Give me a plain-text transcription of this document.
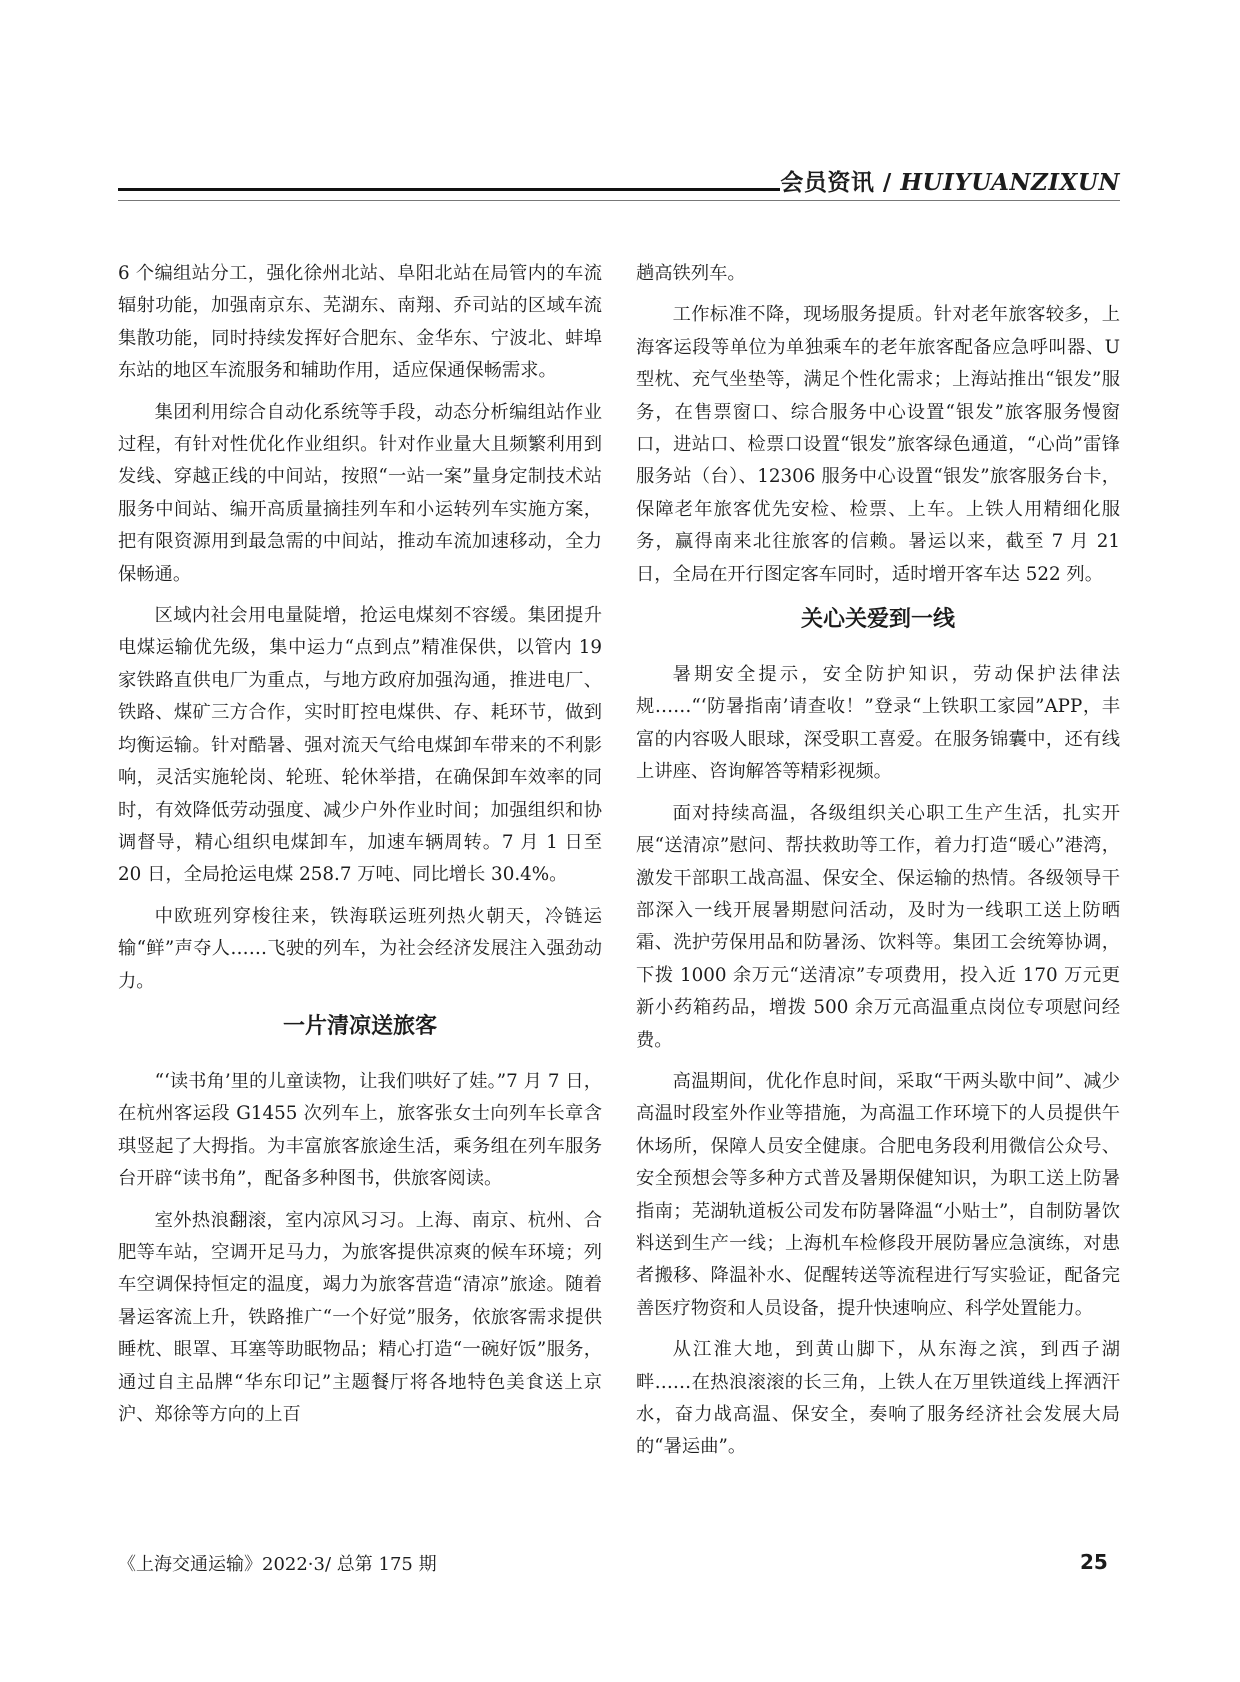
会员资讯 / HUIYUANZIXUN

6 个编组站分工，强化徐州北站、阜阳北站在局管内的车流辐射功能，加强南京东、芜湖东、南翔、乔司站的区域车流集散功能，同时持续发挥好合肥东、金华东、宁波北、蚌埠东站的地区车流服务和辅助作用，适应保通保畅需求。

集团利用综合自动化系统等手段，动态分析编组站作业过程，有针对性优化作业组织。针对作业量大且频繁利用到发线、穿越正线的中间站，按照“一站一案”量身定制技术站服务中间站、编开高质量摘挂列车和小运转列车实施方案，把有限资源用到最急需的中间站，推动车流加速移动，全力保畅通。

区域内社会用电量陡增，抢运电煤刻不容缓。集团提升电煤运输优先级，集中运力“点到点”精准保供，以管内 19 家铁路直供电厂为重点，与地方政府加强沟通，推进电厂、铁路、煤矿三方合作，实时盯控电煤供、存、耗环节，做到均衡运输。针对酷暑、强对流天气给电煤卸车带来的不利影响，灵活实施轮岗、轮班、轮休举措，在确保卸车效率的同时，有效降低劳动强度、减少户外作业时间；加强组织和协调督导，精心组织电煤卸车，加速车辆周转。7 月 1 日至 20 日，全局抢运电煤 258.7 万吨、同比增长 30.4%。

中欧班列穿梭往来，铁海联运班列热火朝天，冷链运输“鲜”声夺人……飞驶的列车，为社会经济发展注入强劲动力。

一片清凉送旅客

“‘读书角’里的儿童读物，让我们哄好了娃。”7 月 7 日，在杭州客运段 G1455 次列车上，旅客张女士向列车长章含琪竖起了大拇指。为丰富旅客旅途生活，乘务组在列车服务台开辟“读书角”，配备多种图书，供旅客阅读。

室外热浪翻滚，室内凉风习习。上海、南京、杭州、合肥等车站，空调开足马力，为旅客提供凉爽的候车环境；列车空调保持恒定的温度，竭力为旅客营造“清凉”旅途。随着暑运客流上升，铁路推广“一个好觉”服务，依旅客需求提供睡枕、眼罩、耳塞等助眠物品；精心打造“一碗好饭”服务，通过自主品牌“华东印记”主题餐厅将各地特色美食送上京沪、郑徐等方向的上百

趟高铁列车。

工作标准不降，现场服务提质。针对老年旅客较多，上海客运段等单位为单独乘车的老年旅客配备应急呼叫器、U 型枕、充气坐垫等，满足个性化需求；上海站推出“银发”服务，在售票窗口、综合服务中心设置“银发”旅客服务慢窗口，进站口、检票口设置“银发”旅客绿色通道，“心尚”雷锋服务站（台）、12306 服务中心设置“银发”旅客服务台卡，保障老年旅客优先安检、检票、上车。上铁人用精细化服务，赢得南来北往旅客的信赖。暑运以来，截至 7 月 21 日，全局在开行图定客车同时，适时增开客车达 522 列。

关心关爱到一线

暑期安全提示，安全防护知识，劳动保护法律法规……“‘防暑指南’请查收！”登录“上铁职工家园”APP，丰富的内容吸人眼球，深受职工喜爱。在服务锦囊中，还有线上讲座、咨询解答等精彩视频。

面对持续高温，各级组织关心职工生产生活，扎实开展“送清凉”慰问、帮扶救助等工作，着力打造“暖心”港湾，激发干部职工战高温、保安全、保运输的热情。各级领导干部深入一线开展暑期慰问活动，及时为一线职工送上防晒霜、洗护劳保用品和防暑汤、饮料等。集团工会统筹协调，下拨 1000 余万元“送清凉”专项费用，投入近 170 万元更新小药箱药品，增拨 500 余万元高温重点岗位专项慰问经费。

高温期间，优化作息时间，采取“干两头歇中间”、减少高温时段室外作业等措施，为高温工作环境下的人员提供午休场所，保障人员安全健康。合肥电务段利用微信公众号、安全预想会等多种方式普及暑期保健知识，为职工送上防暑指南；芜湖轨道板公司发布防暑降温“小贴士”，自制防暑饮料送到生产一线；上海机车检修段开展防暑应急演练，对患者搬移、降温补水、促醒转送等流程进行写实验证，配备完善医疗物资和人员设备，提升快速响应、科学处置能力。

从江淮大地，到黄山脚下，从东海之滨，到西子湖畔……在热浪滚滚的长三角，上铁人在万里铁道线上挥洒汗水，奋力战高温、保安全，奏响了服务经济社会发展大局的“暑运曲”。

《上海交通运输》2022·3/ 总第 175 期	25
